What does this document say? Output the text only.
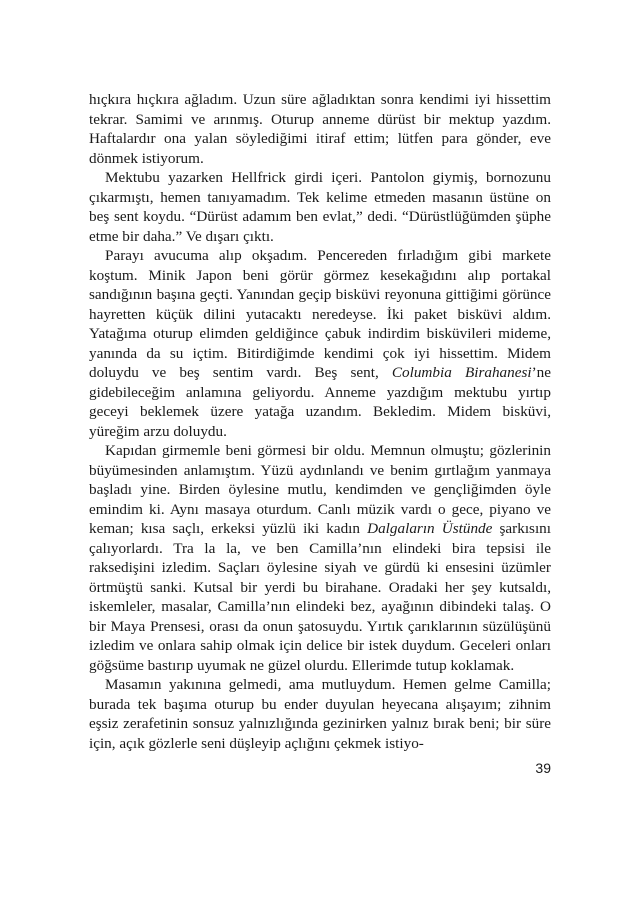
hıçkıra hıçkıra ağladım. Uzun süre ağladıktan sonra kendimi iyi hissettim tekrar. Samimi ve arınmış. Oturup anneme dürüst bir mektup yazdım. Haftalardır ona yalan söylediğimi itiraf ettim; lütfen para gönder, eve dönmek istiyorum.

Mektubu yazarken Hellfrick girdi içeri. Pantolon giymiş, bornozunu çıkarmıştı, hemen tanıyamadım. Tek kelime etmeden masanın üstüne on beş sent koydu. “Dürüst adamım ben evlat,” dedi. “Dürüstlüğümden şüphe etme bir daha.” Ve dışarı çıktı.

Parayı avucuma alıp okşadım. Pencereden fırladığım gibi markete koştum. Minik Japon beni görür görmez kesekağıdını alıp portakal sandığının başına geçti. Yanından geçip bisküvi reyonuna gittiğimi görünce hayretten küçük dilini yutacaktı neredeyse. İki paket bisküvi aldım. Yatağıma oturup elimden geldiğince çabuk indirdim bisküvileri mideme, yanında da su içtim. Bitirdiğimde kendimi çok iyi hissettim. Midem doluydu ve beş sentim vardı. Beş sent, Columbia Birahanesi’ne gidebileceğim anlamına geliyordu. Anneme yazdığım mektubu yırtıp geceyi beklemek üzere yatağa uzandım. Bekledim. Midem bisküvi, yüreğim arzu doluydu.

Kapıdan girmemle beni görmesi bir oldu. Memnun olmuştu; gözlerinin büyümesinden anlamıştım. Yüzü aydınlandı ve benim gırtlağım yanmaya başladı yine. Birden öylesine mutlu, kendimden ve gençliğimden öyle emindim ki. Aynı masaya oturdum. Canlı müzik vardı o gece, piyano ve keman; kısa saçlı, erkeksi yüzlü iki kadın Dalgaların Üstünde şarkısını çalıyorlardı. Tra la la, ve ben Camilla’nın elindeki bira tepsisi ile raksedişini izledim. Saçları öylesine siyah ve gürdü ki ensesini üzümler örtmüştü sanki. Kutsal bir yerdi bu birahane. Oradaki her şey kutsaldı, iskemleler, masalar, Camilla’nın elindeki bez, ayağının dibindeki talaş. O bir Maya Prensesi, orası da onun şatosuydu. Yırtık çarıklarının süzülüşünü izledim ve onlara sahip olmak için delice bir istek duydum. Geceleri onları göğsüme bastırıp uyumak ne güzel olurdu. Ellerimde tutup koklamak.

Masamın yakınına gelmedi, ama mutluydum. Hemen gelme Camilla; burada tek başıma oturup bu ender duyulan heyecana alışayım; zihnim eşsiz zerafetinin sonsuz yalnızlığında gezinirken yalnız bırak beni; bir süre için, açık gözlerle seni düşleyip açlığını çekmek istiyo-

39
